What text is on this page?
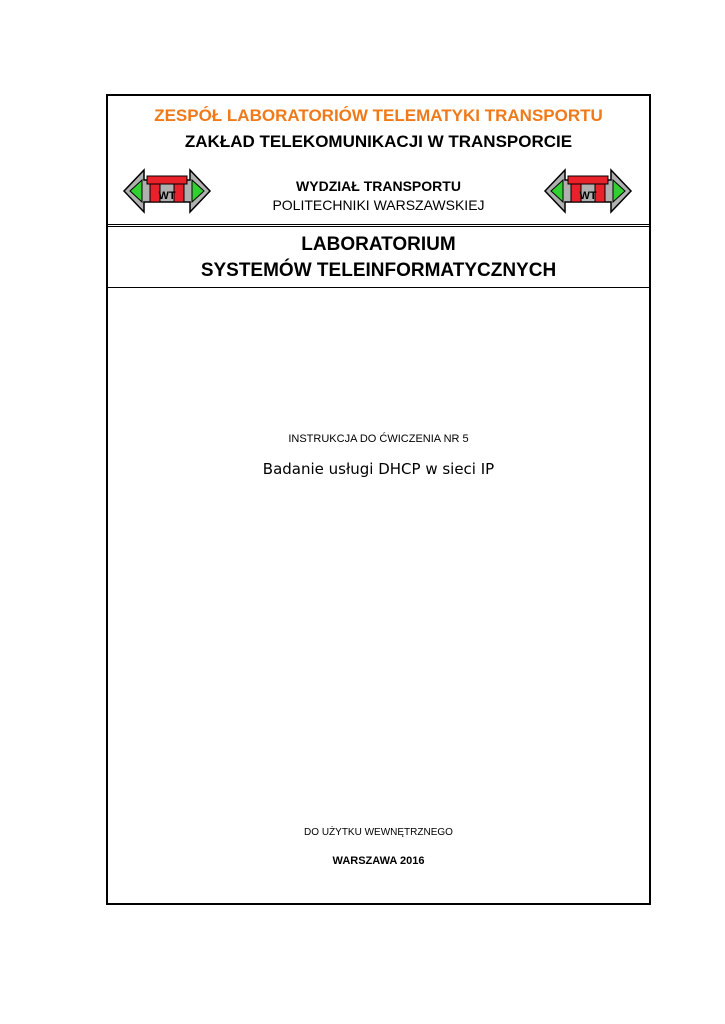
ZESPÓŁ LABORATORIÓW TELEMATYKI TRANSPORTU
ZAKŁAD TELEKOMUNIKACJI W TRANSPORCIE
WT	WT
WYDZIAŁ TRANSPORTU
POLITECHNIKI WARSZAWSKIEJ
LABORATORIUM
SYSTEMÓW TELEINFORMATYCZNYCH
INSTRUKCJA DO ĆWICZENIA NR 5
Badanie usługi DHCP w sieci IP
DO UŻYTKU WEWNĘTRZNEGO
WARSZAWA 2016
